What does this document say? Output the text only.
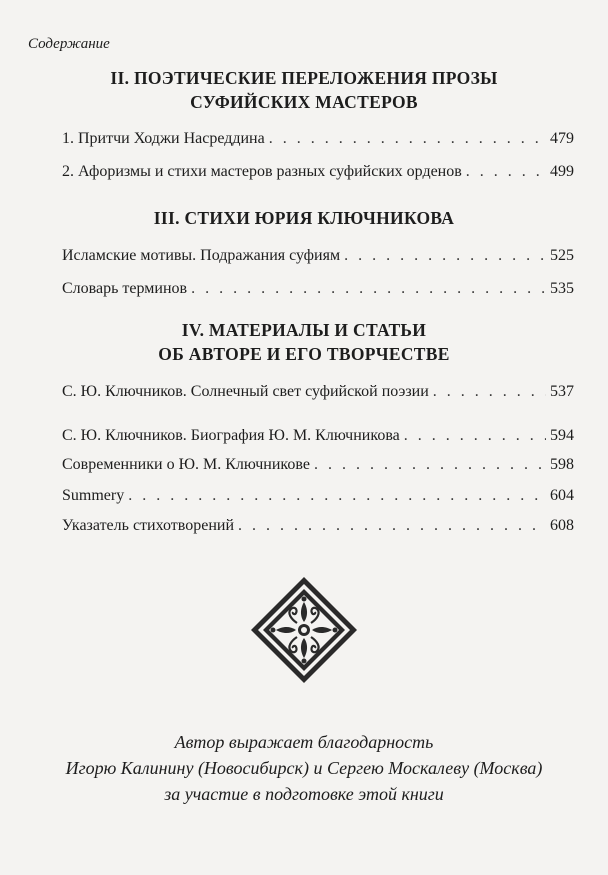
Содержание
II. ПОЭТИЧЕСКИЕ ПЕРЕЛОЖЕНИЯ ПРОЗЫ
СУФИЙСКИХ МАСТЕРОВ
1. Притчи Ходжи Насреддина . . .	479
2. Афоризмы и стихи мастеров разных суфийских орденов . . .	499
III. СТИХИ ЮРИЯ КЛЮЧНИКОВА
Исламские мотивы. Подражания суфиям . . .	525
Словарь терминов . . .	535
IV. МАТЕРИАЛЫ И СТАТЬИ
ОБ АВТОРЕ И ЕГО ТВОРЧЕСТВЕ
С. Ю. Ключников. Солнечный свет суфийской поэзии . . .	537
С. Ю. Ключников. Биография Ю. М. Ключникова . . .	594
Современники о Ю. М. Ключникове . . .	598
Summery . . .	604
Указатель стихотворений . . .	608
Автор выражает благодарность
Игорю Калинину (Новосибирск) и Сергею Москалеву (Москва)
за участие в подготовке этой книги
